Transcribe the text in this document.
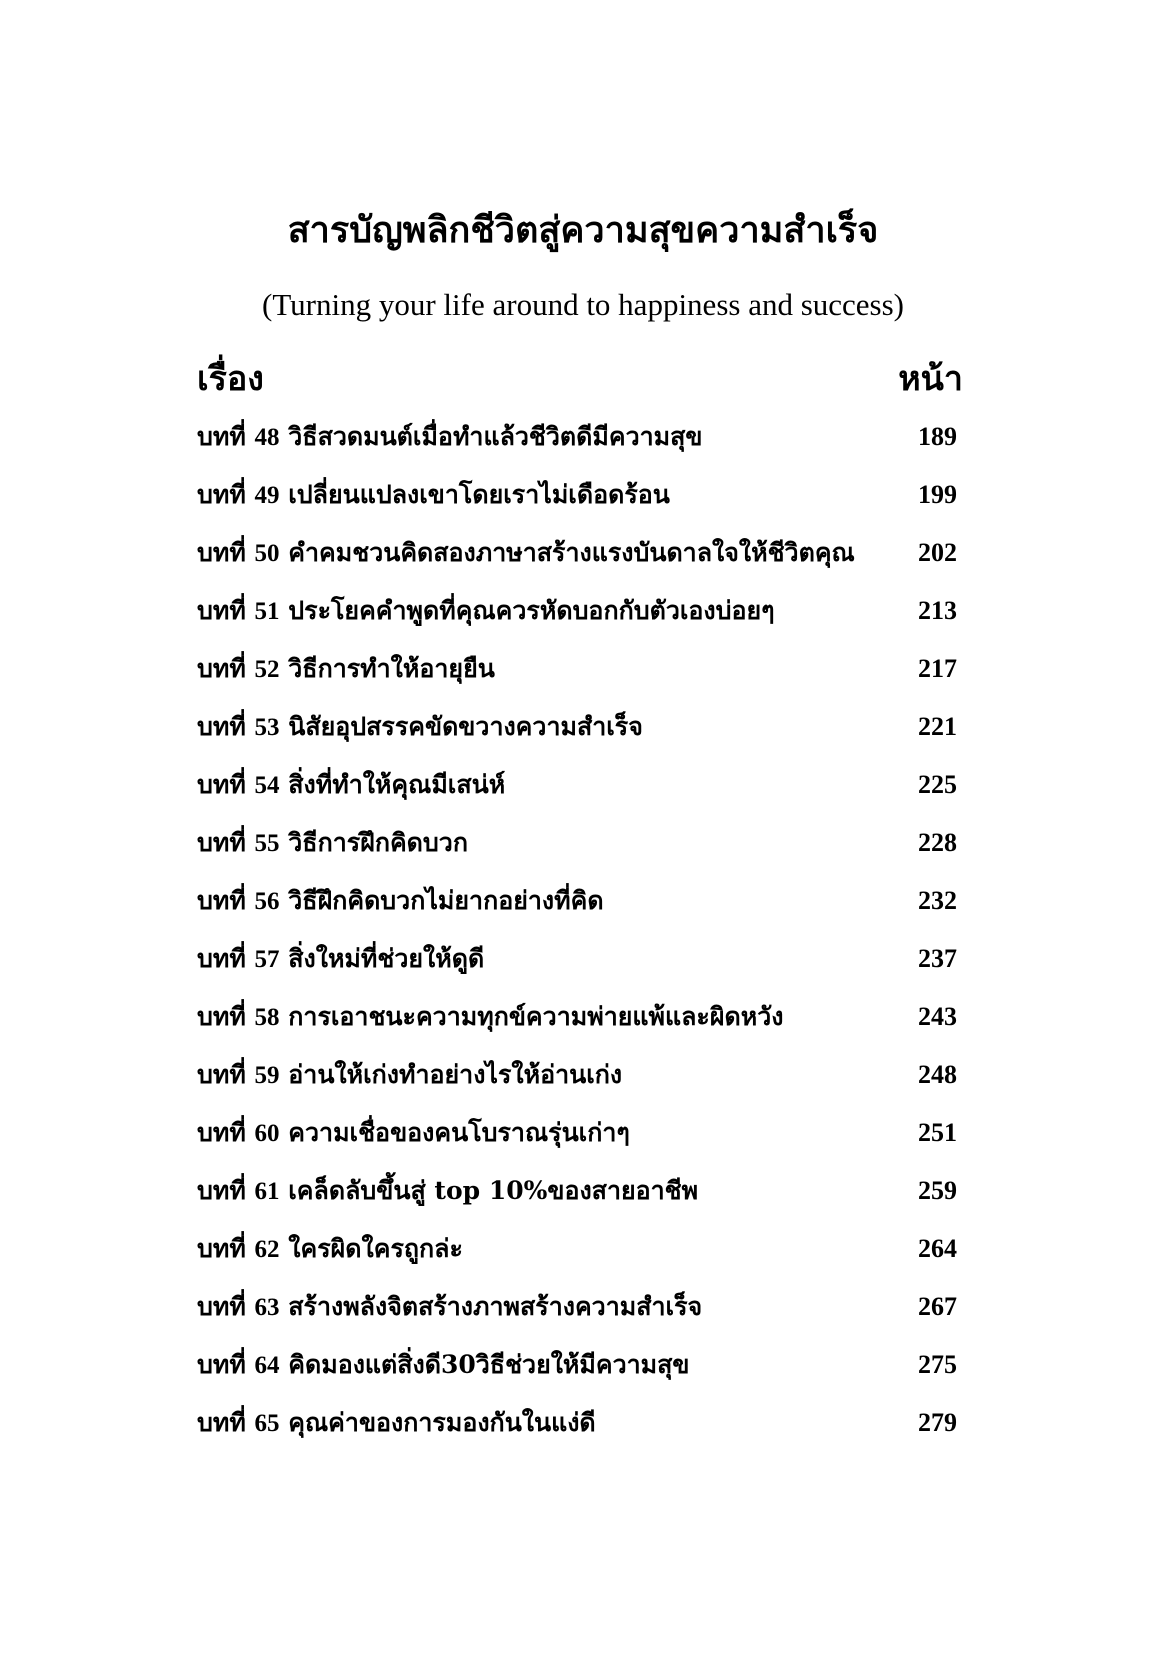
สารบัญพลิกชีวิตสู่ความสุขความสำเร็จ
(Turning your life around to happiness and success)
เรื่อง	หน้า
บทที่ 48 วิธีสวดมนต์เมื่อทำแล้วชีวิตดีมีความสุข	189
บทที่ 49 เปลี่ยนแปลงเขาโดยเราไม่เดือดร้อน	199
บทที่ 50 คำคมชวนคิดสองภาษาสร้างแรงบันดาลใจให้ชีวิตคุณ	202
บทที่ 51 ประโยคคำพูดที่คุณควรหัดบอกกับตัวเองบ่อยๆ	213
บทที่ 52 วิธีการทำให้อายุยืน	217
บทที่ 53 นิสัยอุปสรรคขัดขวางความสำเร็จ	221
บทที่ 54 สิ่งที่ทำให้คุณมีเสน่ห์	225
บทที่ 55 วิธีการฝึกคิดบวก	228
บทที่ 56 วิธีฝึกคิดบวกไม่ยากอย่างที่คิด	232
บทที่ 57 สิ่งใหม่ที่ช่วยให้ดูดี	237
บทที่ 58 การเอาชนะความทุกข์ความพ่ายแพ้และผิดหวัง	243
บทที่ 59 อ่านให้เก่งทำอย่างไรให้อ่านเก่ง	248
บทที่ 60 ความเชื่อของคนโบราณรุ่นเก่าๆ	251
บทที่ 61 เคล็ดลับขึ้นสู่ top 10%ของสายอาชีพ	259
บทที่ 62 ใครผิดใครถูกล่ะ	264
บทที่ 63 สร้างพลังจิตสร้างภาพสร้างความสำเร็จ	267
บทที่ 64 คิดมองแต่สิ่งดี30วิธีช่วยให้มีความสุข	275
บทที่ 65 คุณค่าของการมองกันในแง่ดี	279
